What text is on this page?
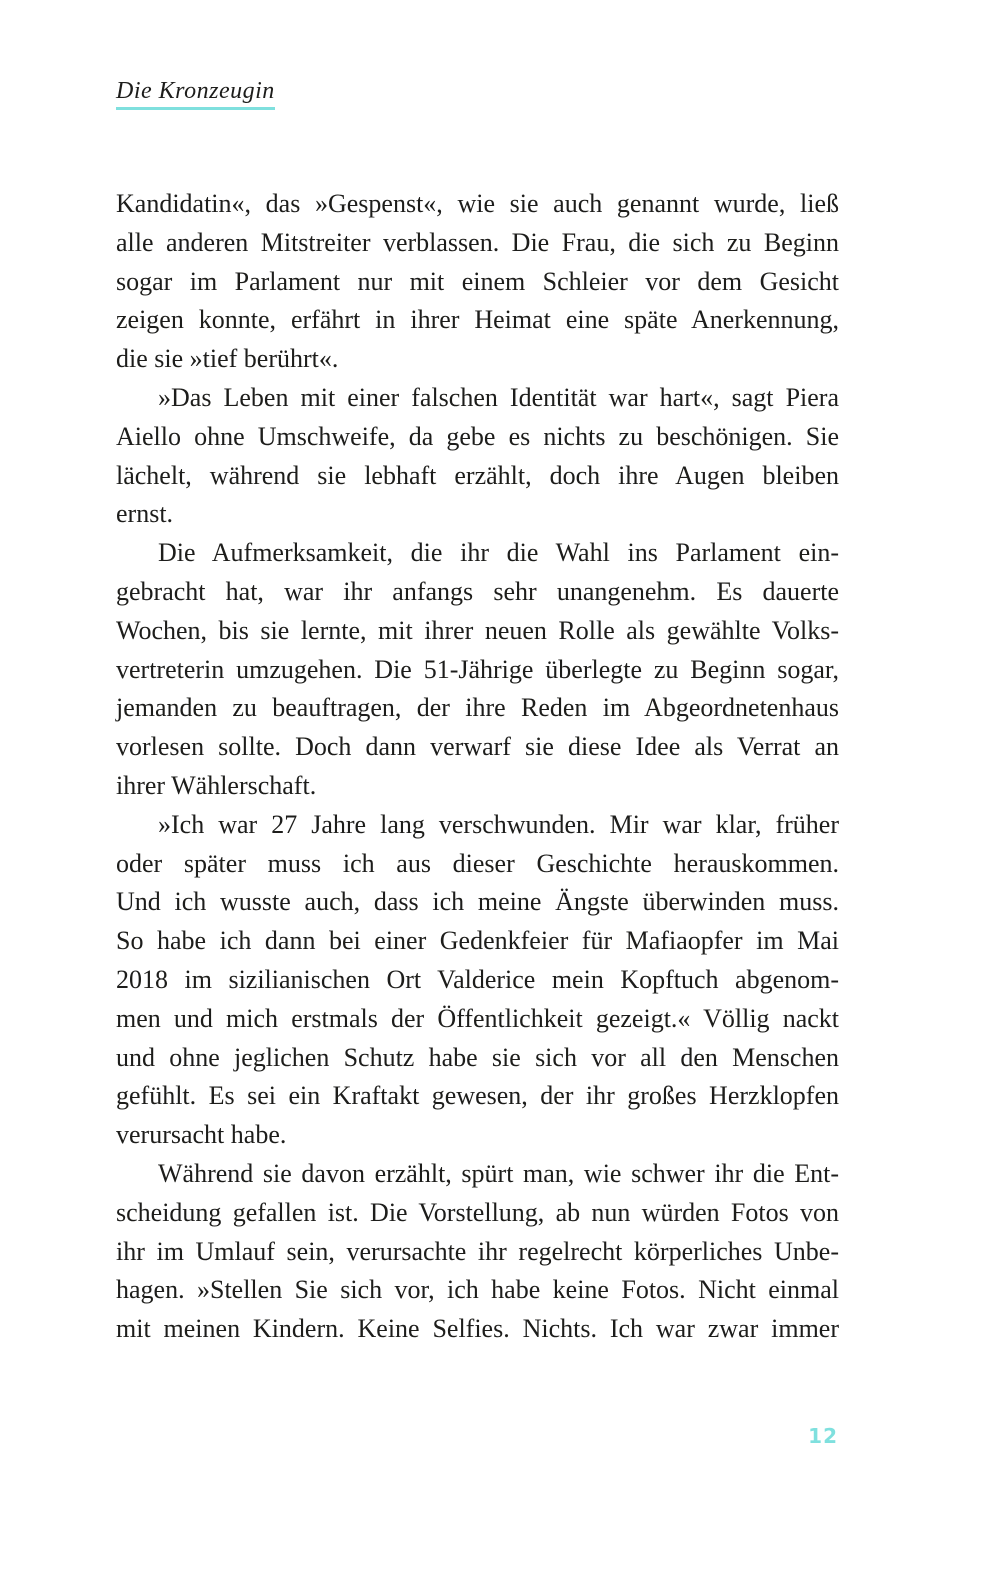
Die Kronzeugin
Kandidatin«, das »Gespenst«, wie sie auch genannt wurde, ließ
alle anderen Mitstreiter verblassen. Die Frau, die sich zu Beginn
sogar im Parlament nur mit einem Schleier vor dem Gesicht
zeigen konnte, erfährt in ihrer Heimat eine späte Anerkennung,
die sie »tief berührt«.
»Das Leben mit einer falschen Identität war hart«, sagt Piera
Aiello ohne Umschweife, da gebe es nichts zu beschönigen. Sie
lächelt, während sie lebhaft erzählt, doch ihre Augen bleiben
ernst.
Die Aufmerksamkeit, die ihr die Wahl ins Parlament ein-
gebracht hat, war ihr anfangs sehr unangenehm. Es dauerte
Wochen, bis sie lernte, mit ihrer neuen Rolle als gewählte Volks-
vertreterin umzugehen. Die 51-Jährige überlegte zu Beginn sogar,
jemanden zu beauftragen, der ihre Reden im Abgeordnetenhaus
vorlesen sollte. Doch dann verwarf sie diese Idee als Verrat an
ihrer Wählerschaft.
»Ich war 27 Jahre lang verschwunden. Mir war klar, früher
oder später muss ich aus dieser Geschichte herauskommen.
Und ich wusste auch, dass ich meine Ängste überwinden muss.
So habe ich dann bei einer Gedenkfeier für Mafiaopfer im Mai
2018 im sizilianischen Ort Valderice mein Kopftuch abgenom-
men und mich erstmals der Öffentlichkeit gezeigt.« Völlig nackt
und ohne jeglichen Schutz habe sie sich vor all den Menschen
gefühlt. Es sei ein Kraftakt gewesen, der ihr großes Herzklopfen
verursacht habe.
Während sie davon erzählt, spürt man, wie schwer ihr die Ent-
scheidung gefallen ist. Die Vorstellung, ab nun würden Fotos von
ihr im Umlauf sein, verursachte ihr regelrecht körperliches Unbe-
hagen. »Stellen Sie sich vor, ich habe keine Fotos. Nicht einmal
mit meinen Kindern. Keine Selfies. Nichts. Ich war zwar immer
12
